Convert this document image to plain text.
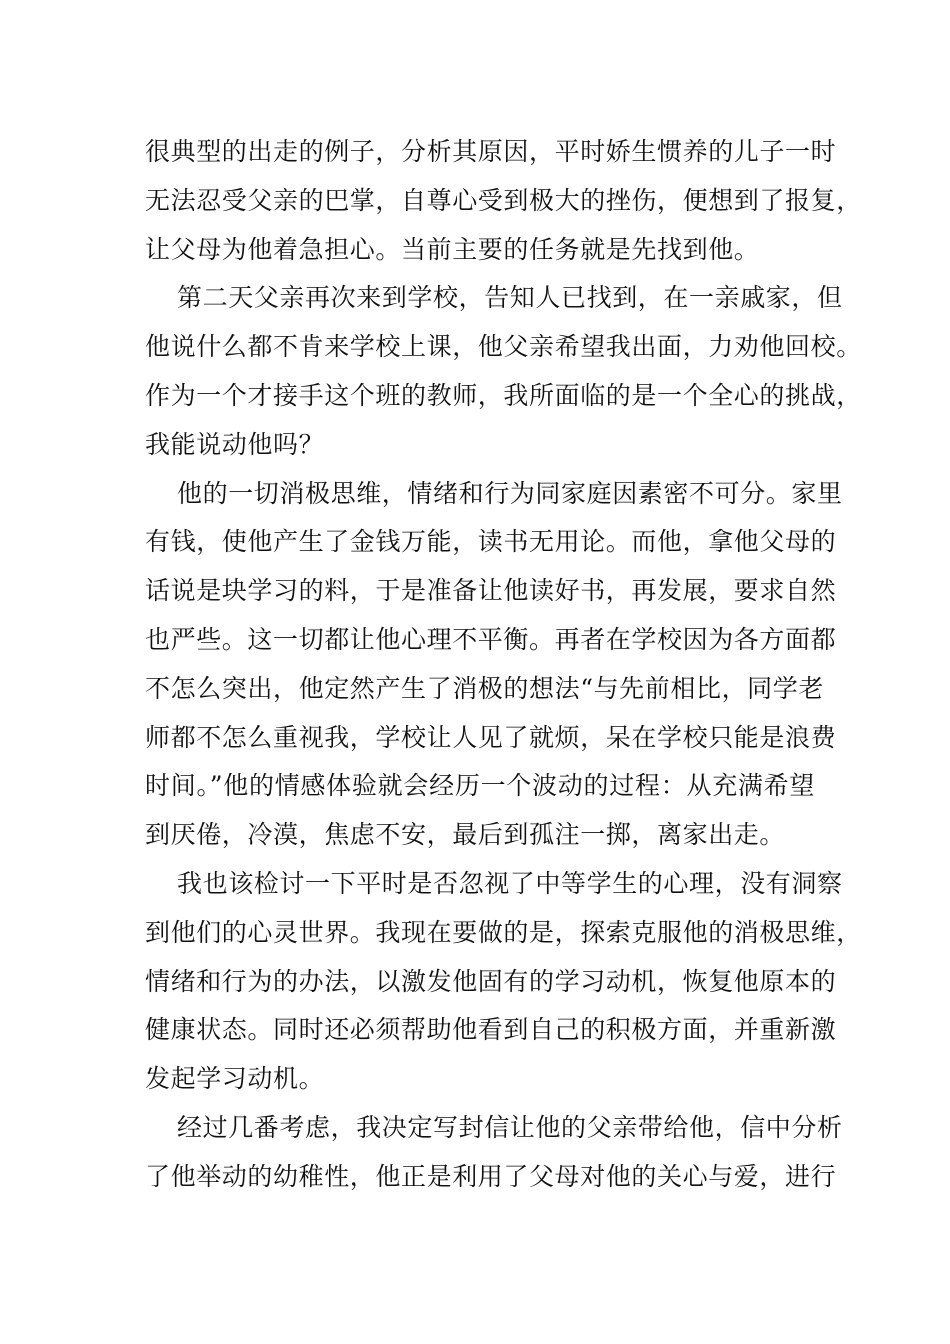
很典型的出走的例子，分析其原因，平时娇生惯养的儿子一时
无法忍受父亲的巴掌，自尊心受到极大的挫伤，便想到了报复，
让父母为他着急担心。当前主要的任务就是先找到他。
第二天父亲再次来到学校，告知人已找到，在一亲戚家，但
他说什么都不肯来学校上课，他父亲希望我出面，力劝他回校。
作为一个才接手这个班的教师，我所面临的是一个全心的挑战，
我能说动他吗？
他的一切消极思维，情绪和行为同家庭因素密不可分。家里
有钱，使他产生了金钱万能，读书无用论。而他，拿他父母的
话说是块学习的料，于是准备让他读好书，再发展，要求自然
也严些。这一切都让他心理不平衡。再者在学校因为各方面都
不怎么突出，他定然产生了消极的想法“与先前相比，同学老
师都不怎么重视我，学校让人见了就烦，呆在学校只能是浪费
时间。”他的情感体验就会经历一个波动的过程：从充满希望
到厌倦，冷漠，焦虑不安，最后到孤注一掷，离家出走。
我也该检讨一下平时是否忽视了中等学生的心理，没有洞察
到他们的心灵世界。我现在要做的是，探索克服他的消极思维，
情绪和行为的办法，以激发他固有的学习动机，恢复他原本的
健康状态。同时还必须帮助他看到自己的积极方面，并重新激
发起学习动机。
经过几番考虑，我决定写封信让他的父亲带给他，信中分析
了他举动的幼稚性，他正是利用了父母对他的关心与爱，进行
